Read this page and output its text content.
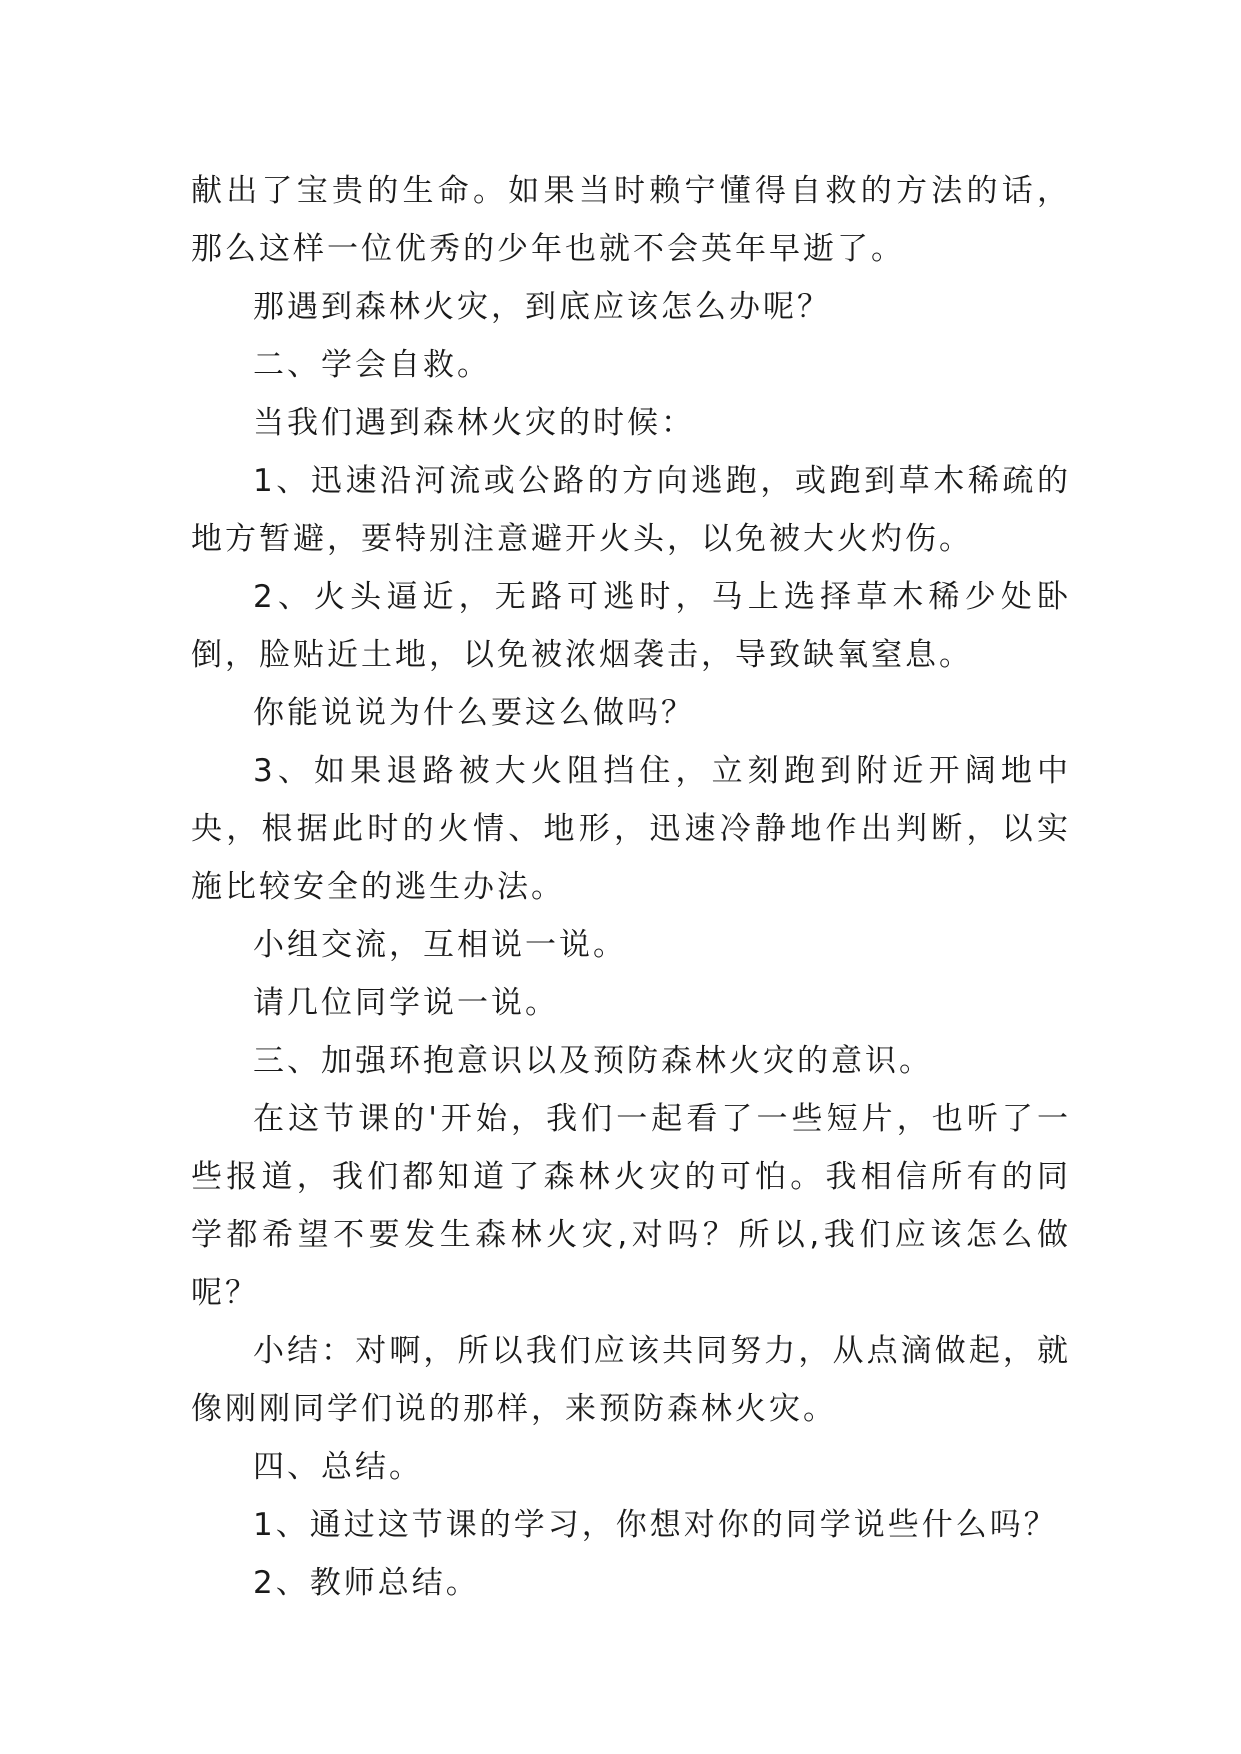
献出了宝贵的生命。如果当时赖宁懂得自救的方法的话，那么这样一位优秀的少年也就不会英年早逝了。

那遇到森林火灾，到底应该怎么办呢？

二、学会自救。

当我们遇到森林火灾的时候：

1、迅速沿河流或公路的方向逃跑，或跑到草木稀疏的地方暂避，要特别注意避开火头，以免被大火灼伤。

2、火头逼近，无路可逃时，马上选择草木稀少处卧倒，脸贴近土地，以免被浓烟袭击，导致缺氧窒息。

你能说说为什么要这么做吗？

3、如果退路被大火阻挡住，立刻跑到附近开阔地中央，根据此时的火情、地形，迅速冷静地作出判断，以实施比较安全的逃生办法。

小组交流，互相说一说。

请几位同学说一说。

三、加强环抱意识以及预防森林火灾的意识。

在这节课的'开始，我们一起看了一些短片，也听了一些报道，我们都知道了森林火灾的可怕。我相信所有的同学都希望不要发生森林火灾,对吗？所以,我们应该怎么做呢？

小结：对啊，所以我们应该共同努力，从点滴做起，就像刚刚同学们说的那样，来预防森林火灾。

四、总结。

1、通过这节课的学习，你想对你的同学说些什么吗？

2、教师总结。
